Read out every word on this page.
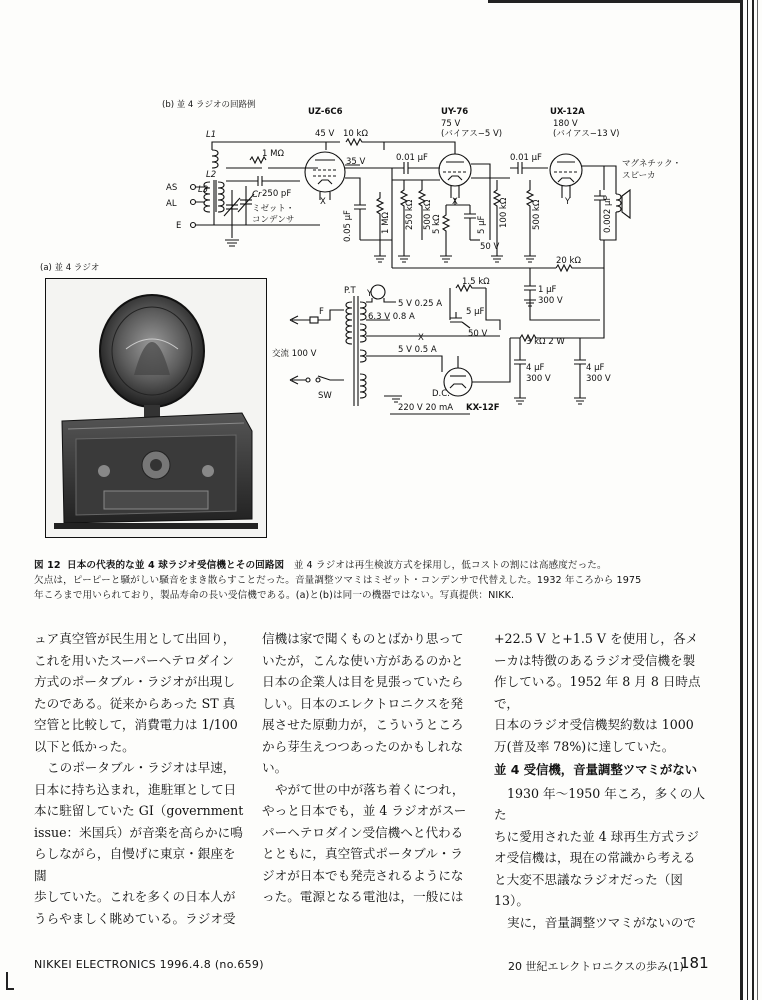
(b) 並 4 ラジオの回路例
(a) 並 4 ラジオ
UZ-6C6	UY-76
75 V
(バイアス−5 V)
UX-12A
180 V
(バイアス−13 V)
L1
L2
L3
AS
AL
E
45 V 10 kΩ
1 MΩ
250 pF
Cr
ミゼット・
コンデンサ
35 V
X
0.05 μF	1 MΩ
0.01 μF
250 kΩ 500 kΩ X
5 kΩ	5 μF
50 V
100 kΩ
0.01 μF
500 kΩ	Y	0.002 μF
マグネチック・
スピーカ
20 kΩ
1 μF
300 V
P.T Y
5 V 0.25 A
6.3 V 0.8 A
1.5 kΩ
5 μF
50 V
X
F
交流 100 V	5 V 0.5 A
SW	D.C.
220 V 20 mA KX-12F
3 kΩ 2 W
4 μF
300 V
4 μF
300 V
図 12 日本の代表的な並 4 球ラジオ受信機とその回路図 並 4 ラジオは再生検波方式を採用し，低コストの割には高感度だった。
欠点は，ピーピーと騒がしい騒音をまき散らすことだった。音量調整ツマミはミゼット・コンデンサで代替えした。1932 年ころから 1975
年ころまで用いられており，製品寿命の長い受信機である。(a)と(b)は同一の機器ではない。写真提供：NIKK.

ュア真空管が民生用として出回り，

これを用いたスーパーヘテロダイン

方式のポータブル・ラジオが出現し

たのである。従来からあった ST 真

空管と比較して，消費電力は 1/100

以下と低かった。

このポータブル・ラジオは早速，

日本に持ち込まれ，進駐軍として日

本に駐留していた GI（government

issue：米国兵）が音楽を高らかに鳴

らしながら，自慢げに東京・銀座を闊

歩していた。これを多くの日本人が

うらやましく眺めている。ラジオ受

信機は家で聞くものとばかり思って

いたが，こんな使い方があるのかと

日本の企業人は目を見張っていたら

しい。日本のエレクトロニクスを発

展させた原動力が，こういうところ

から芽生えつつあったのかもしれな

い。

やがて世の中が落ち着くにつれ，

やっと日本でも，並 4 ラジオがスー

パーヘテロダイン受信機へと代わる

とともに，真空管式ポータブル・ラ

ジオが日本でも発売されるようにな

った。電源となる電池は，一般には

+22.5 V と+1.5 V を使用し，各メ

ーカは特徴のあるラジオ受信機を製

作している。1952 年 8 月 8 日時点で，

日本のラジオ受信機契約数は 1000

万(普及率 78%)に達していた。

並 4 受信機，音量調整ツマミがない

1930 年〜1950 年ころ，多くの人た

ちに愛用された並 4 球再生方式ラジ

オ受信機は，現在の常識から考える

と大変不思議なラジオだった（図

13）。

実に，音量調整ツマミがないので

NIKKEI ELECTRONICS 1996.4.8 (no.659)	20 世紀エレクトロニクスの歩み(1)
181
